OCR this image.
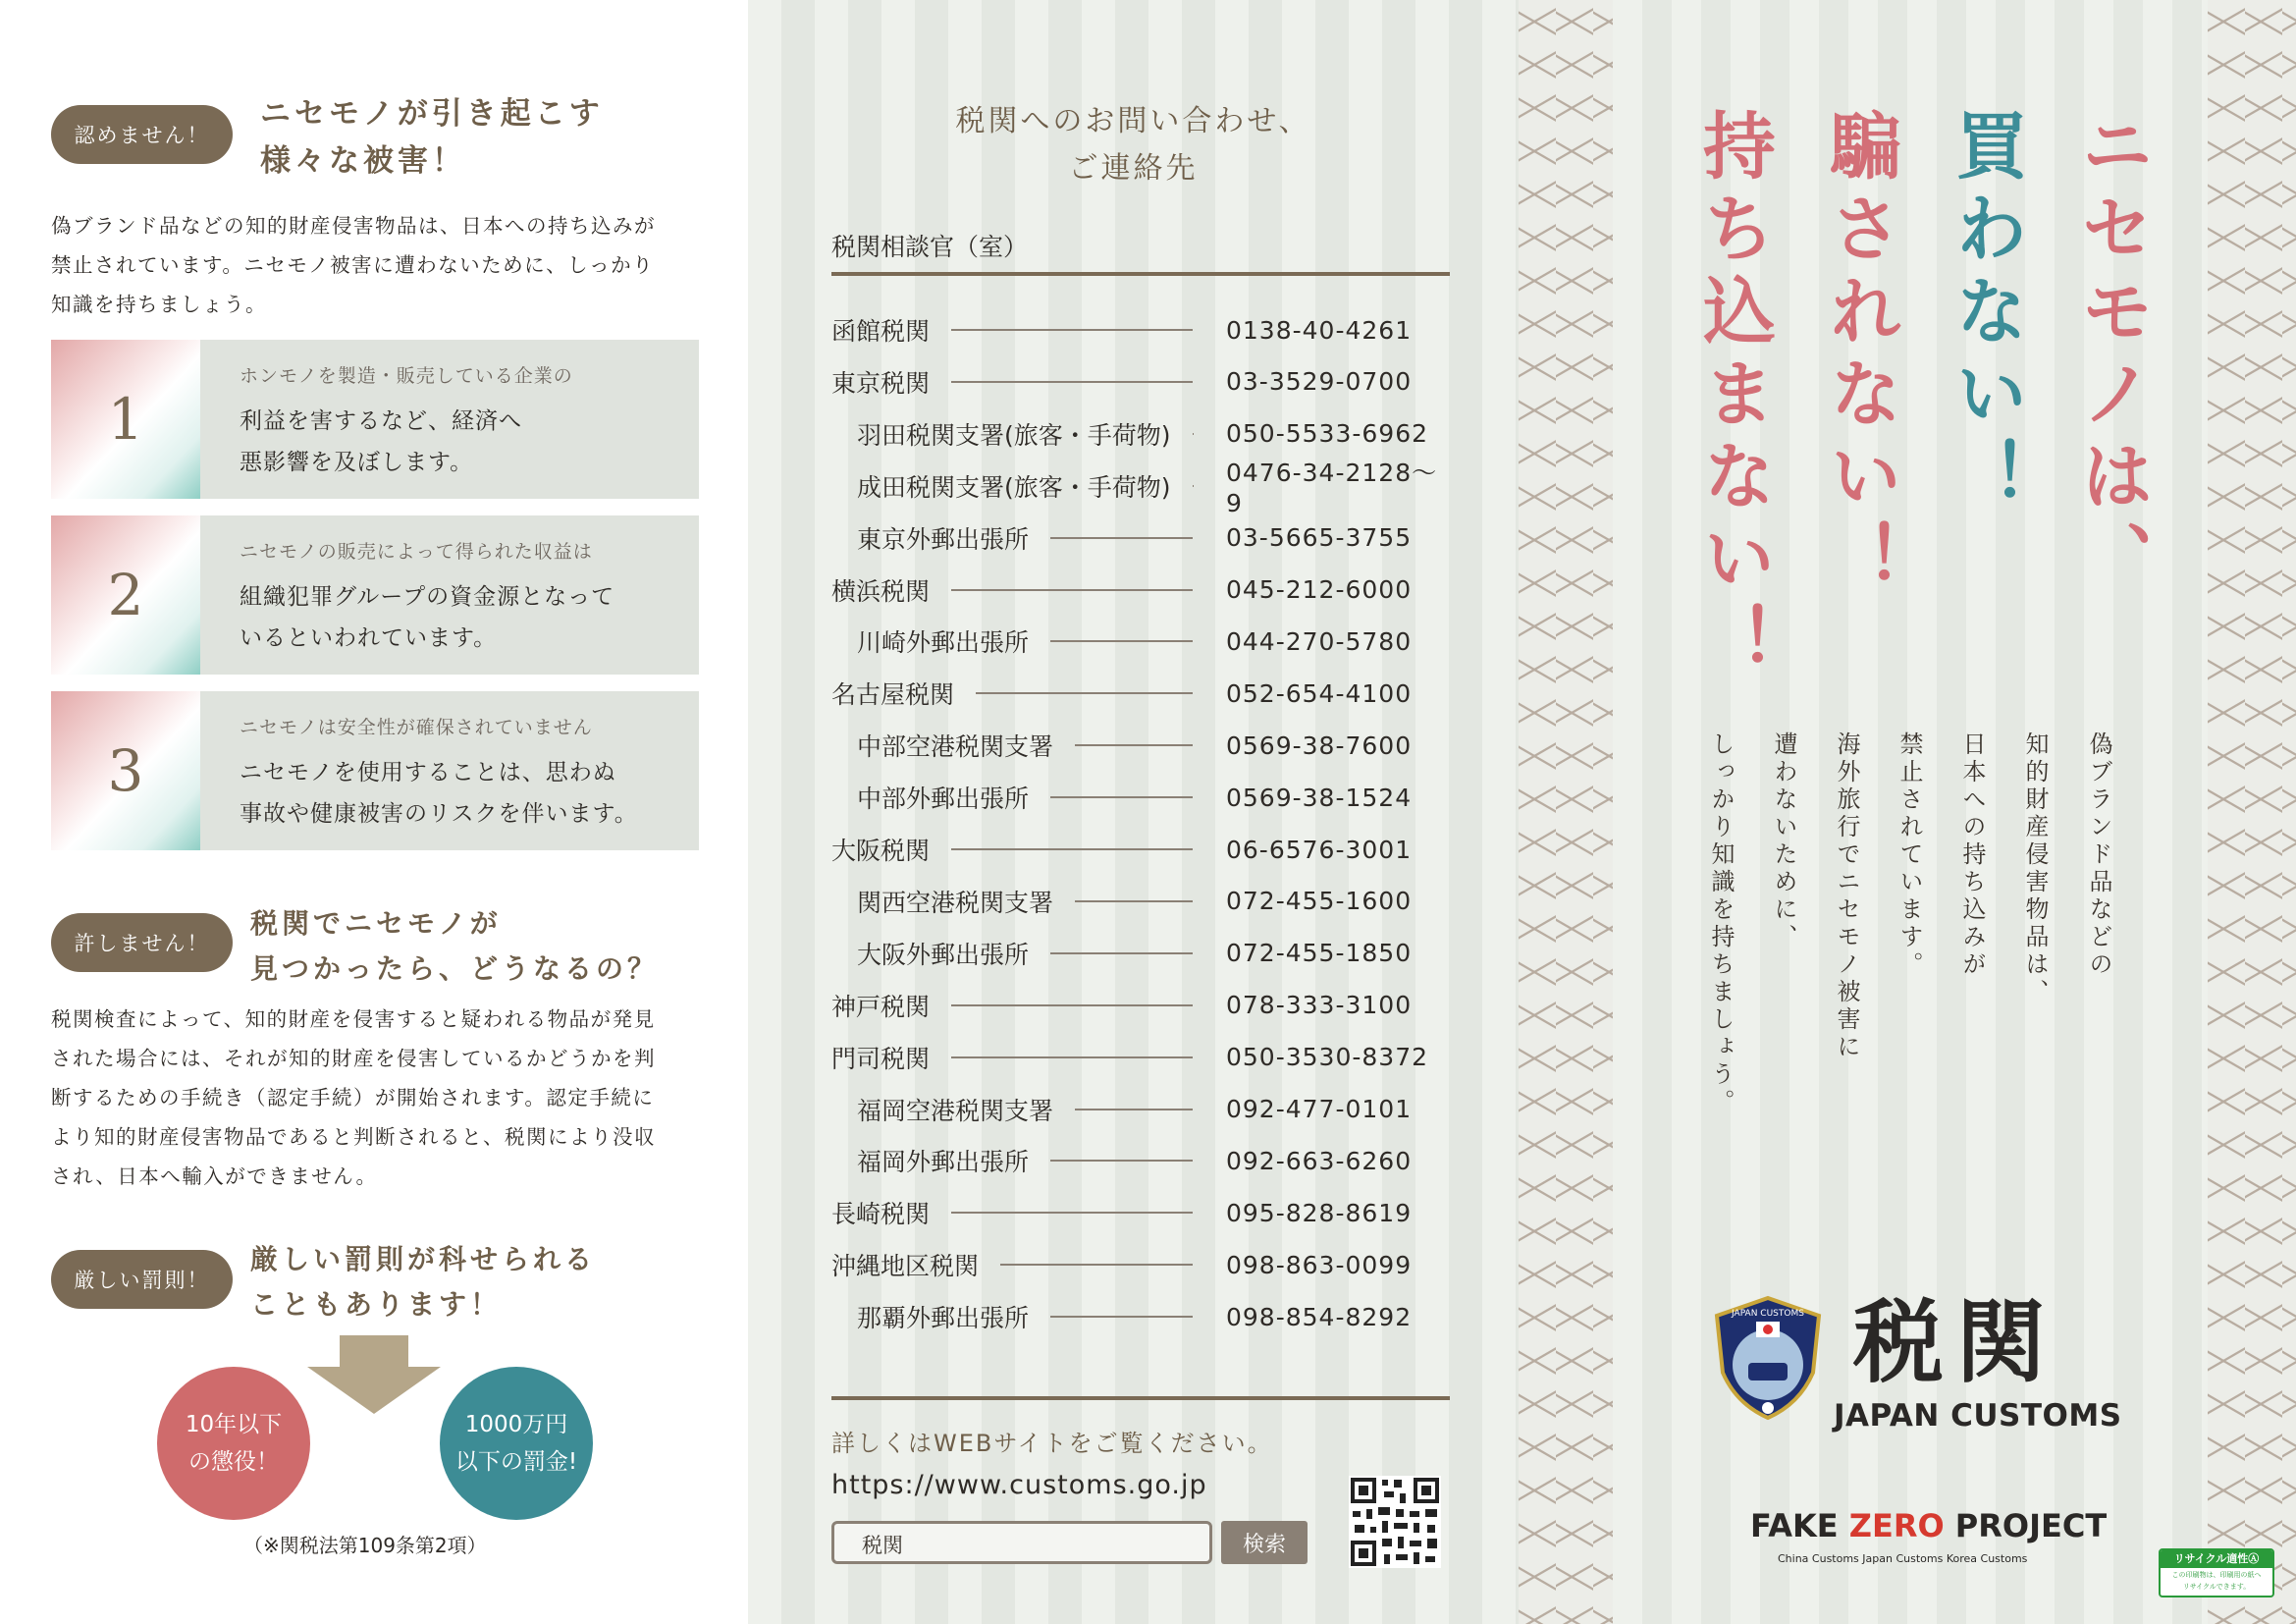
認めません！
ニセモノが引き起こす
様々な被害！
偽ブランド品などの知的財産侵害物品は、日本への持ち込みが
禁止されています。ニセモノ被害に遭わないために、しっかり
知識を持ちましょう。
1
ホンモノを製造・販売している企業の
利益を害するなど、経済へ
悪影響を及ぼします。
2
ニセモノの販売によって得られた収益は
組織犯罪グループの資金源となって
いるといわれています。
3
ニセモノは安全性が確保されていません
ニセモノを使用することは、思わぬ
事故や健康被害のリスクを伴います。
許しません！
税関でニセモノが
見つかったら、どうなるの？
税関検査によって、知的財産を侵害すると疑われる物品が発見
された場合には、それが知的財産を侵害しているかどうかを判
断するための手続き（認定手続）が開始されます。認定手続に
より知的財産侵害物品であると判断されると、税関により没収
され、日本へ輸入ができません。
厳しい罰則！
厳しい罰則が科せられる
こともあります！
10年以下
の懲役！
1000万円
以下の罰金!
（※関税法第109条第2項）
税関へのお問い合わせ、
ご連絡先
税関相談官（室）
函館税関	0138-40-4261
東京税関	03-3529-0700
羽田税関支署(旅客・手荷物) 050-5533-6962
成田税関支署(旅客・手荷物) 0476-34-2128～9
東京外郵出張所	03-5665-3755
横浜税関	045-212-6000
川崎外郵出張所	044-270-5780
名古屋税関	052-654-4100
中部空港税関支署	0569-38-7600
中部外郵出張所	0569-38-1524
大阪税関	06-6576-3001
関西空港税関支署	072-455-1600
大阪外郵出張所	072-455-1850
神戸税関	078-333-3100
門司税関	050-3530-8372
福岡空港税関支署	092-477-0101
福岡外郵出張所	092-663-6260
長崎税関	095-828-8619
沖縄地区税関	098-863-0099
那覇外郵出張所	098-854-8292
詳しくはWEBサイトをご覧ください。
https://www.customs.go.jp
税関	検索
ニセモノは、
買わない！
騙されない！
持ち込まない！
偽ブランド品などの
知的財産侵害物品は、
日本への持ち込みが
禁止されています。
海外旅行でニセモノ被害に
遭わないために、
しっかり知識を持ちましょう。
JAPAN CUSTOMS 税関
JAPAN CUSTOMS
FAKE ZERO PROJECT
China Customs Japan Customs Korea Customs	リサイクル適性Ⓐ
この印刷物は、印刷用の紙へ
リサイクルできます。
